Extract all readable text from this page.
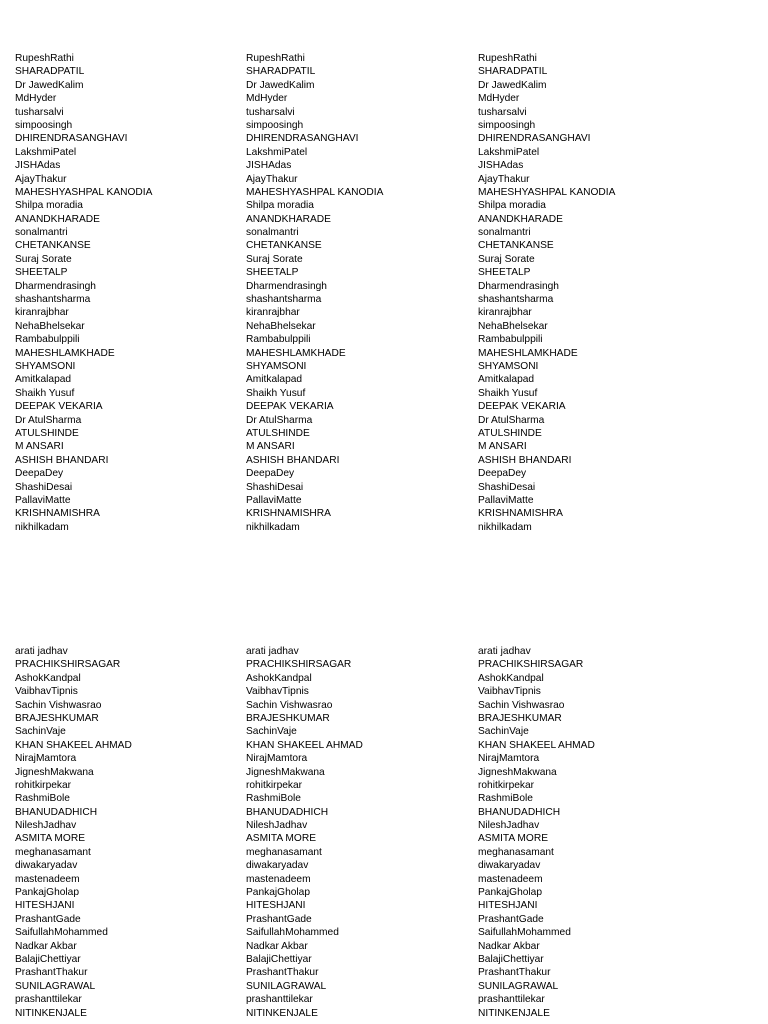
RupeshRathi
SHARADPATIL
Dr JawedKalim
MdHyder
tusharsalvi
simpoosingh
DHIRENDRASANGHAVI
LakshmiPatel
JISHAdas
AjayThakur
MAHESHYASHPAL KANODIA
Shilpa moradia
ANANDKHARADE
sonalmantri
CHETANKANSE
Suraj Sorate
SHEETALP
Dharmendrasingh
shashantsharma
kiranrajbhar
NehaBhelsekar
Rambabulppili
MAHESHLAMKHADE
SHYAMSONI
Amitkalapad
Shaikh Yusuf
DEEPAK VEKARIA
Dr AtulSharma
ATULSHINDE
M ANSARI
ASHISH BHANDARI
DeepaDey
ShashiDesai
PallaviMatte
KRISHNAMISHRA
nikhilkadam
RupeshRathi
SHARADPATIL
Dr JawedKalim
MdHyder
tusharsalvi
simpoosingh
DHIRENDRASANGHAVI
LakshmiPatel
JISHAdas
AjayThakur
MAHESHYASHPAL KANODIA
Shilpa moradia
ANANDKHARADE
sonalmantri
CHETANKANSE
Suraj Sorate
SHEETALP
Dharmendrasingh
shashantsharma
kiranrajbhar
NehaBhelsekar
Rambabulppili
MAHESHLAMKHADE
SHYAMSONI
Amitkalapad
Shaikh Yusuf
DEEPAK VEKARIA
Dr AtulSharma
ATULSHINDE
M ANSARI
ASHISH BHANDARI
DeepaDey
ShashiDesai
PallaviMatte
KRISHNAMISHRA
nikhilkadam
RupeshRathi
SHARADPATIL
Dr JawedKalim
MdHyder
tusharsalvi
simpoosingh
DHIRENDRASANGHAVI
LakshmiPatel
JISHAdas
AjayThakur
MAHESHYASHPAL KANODIA
Shilpa moradia
ANANDKHARADE
sonalmantri
CHETANKANSE
Suraj Sorate
SHEETALP
Dharmendrasingh
shashantsharma
kiranrajbhar
NehaBhelsekar
Rambabulppili
MAHESHLAMKHADE
SHYAMSONI
Amitkalapad
Shaikh Yusuf
DEEPAK VEKARIA
Dr AtulSharma
ATULSHINDE
M ANSARI
ASHISH BHANDARI
DeepaDey
ShashiDesai
PallaviMatte
KRISHNAMISHRA
nikhilkadam
arati jadhav
PRACHIKSHIRSAGAR
AshokKandpal
VaibhavTipnis
Sachin Vishwasrao
BRAJESHKUMAR
SachinVaje
KHAN SHAKEEL AHMAD
NirajMamtora
JigneshMakwana
rohitkirpekar
RashmiBole
BHANUDADHICH
NileshJadhav
ASMITA MORE
meghanasamant
diwakaryadav
mastenadeem
PankajGholap
HITESHJANI
PrashantGade
SaifullahMohammed
Nadkar Akbar
BalajiChettiyar
PrashantThakur
SUNILAGRAWAL
prashanttilekar
NITINKENJALE
arati jadhav
PRACHIKSHIRSAGAR
AshokKandpal
VaibhavTipnis
Sachin Vishwasrao
BRAJESHKUMAR
SachinVaje
KHAN SHAKEEL AHMAD
NirajMamtora
JigneshMakwana
rohitkirpekar
RashmiBole
BHANUDADHICH
NileshJadhav
ASMITA MORE
meghanasamant
diwakaryadav
mastenadeem
PankajGholap
HITESHJANI
PrashantGade
SaifullahMohammed
Nadkar Akbar
BalajiChettiyar
PrashantThakur
SUNILAGRAWAL
prashanttilekar
NITINKENJALE
arati jadhav
PRACHIKSHIRSAGAR
AshokKandpal
VaibhavTipnis
Sachin Vishwasrao
BRAJESHKUMAR
SachinVaje
KHAN SHAKEEL AHMAD
NirajMamtora
JigneshMakwana
rohitkirpekar
RashmiBole
BHANUDADHICH
NileshJadhav
ASMITA MORE
meghanasamant
diwakaryadav
mastenadeem
PankajGholap
HITESHJANI
PrashantGade
SaifullahMohammed
Nadkar Akbar
BalajiChettiyar
PrashantThakur
SUNILAGRAWAL
prashanttilekar
NITINKENJALE
